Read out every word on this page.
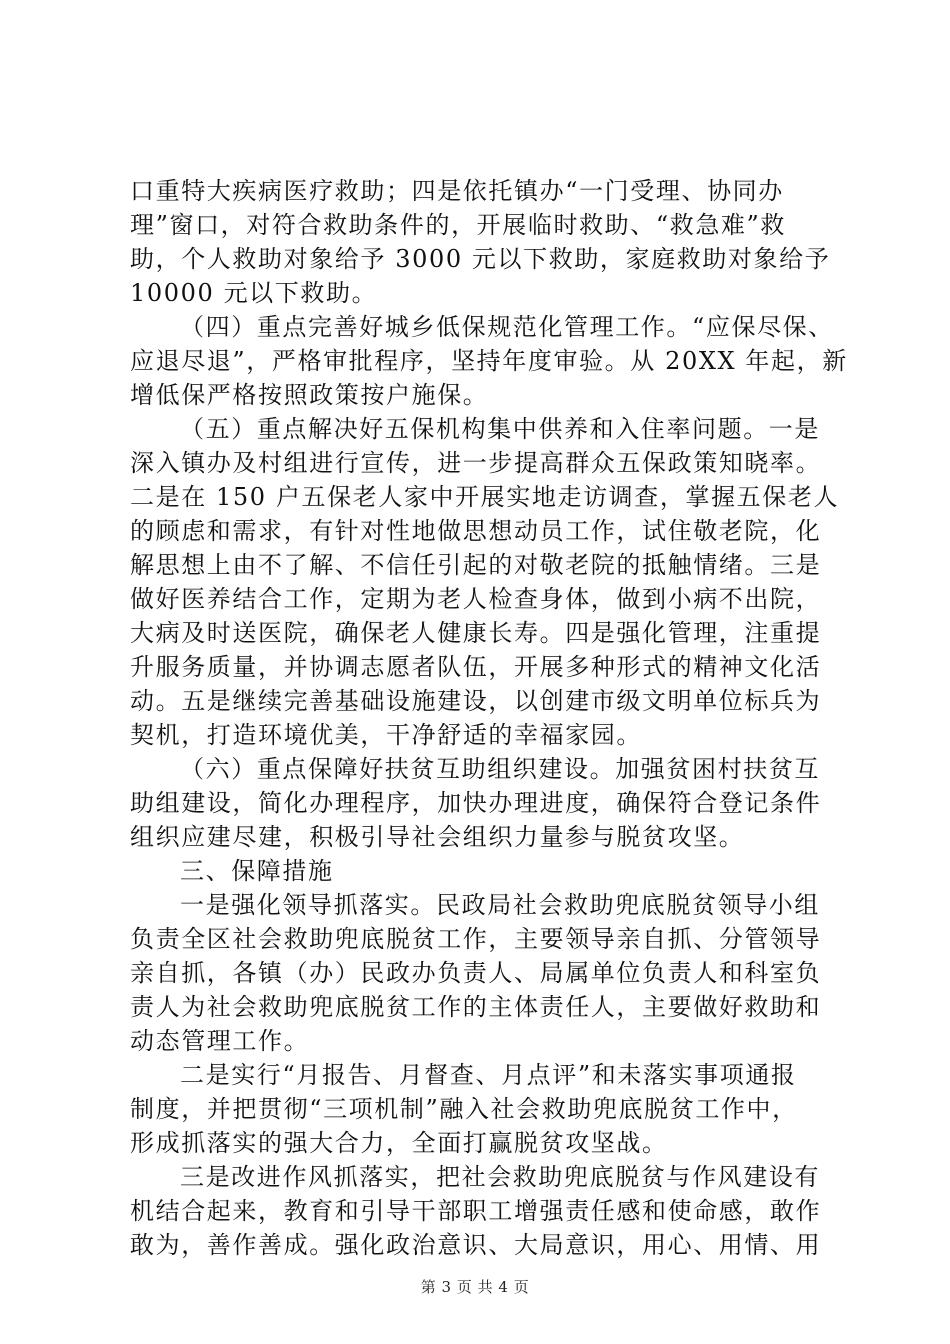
口重特大疾病医疗救助；四是依托镇办“一门受理、协同办
理”窗口，对符合救助条件的，开展临时救助、“救急难”救
助，个人救助对象给予 3000 元以下救助，家庭救助对象给予
10000 元以下救助。
（四）重点完善好城乡低保规范化管理工作。“应保尽保、
应退尽退”，严格审批程序，坚持年度审验。从 20XX 年起，新
增低保严格按照政策按户施保。
（五）重点解决好五保机构集中供养和入住率问题。一是
深入镇办及村组进行宣传，进一步提高群众五保政策知晓率。
二是在 150 户五保老人家中开展实地走访调查，掌握五保老人
的顾虑和需求，有针对性地做思想动员工作，试住敬老院，化
解思想上由不了解、不信任引起的对敬老院的抵触情绪。三是
做好医养结合工作，定期为老人检查身体，做到小病不出院，
大病及时送医院，确保老人健康长寿。四是强化管理，注重提
升服务质量，并协调志愿者队伍，开展多种形式的精神文化活
动。五是继续完善基础设施建设，以创建市级文明单位标兵为
契机，打造环境优美，干净舒适的幸福家园。
（六）重点保障好扶贫互助组织建设。加强贫困村扶贫互
助组建设，简化办理程序，加快办理进度，确保符合登记条件
组织应建尽建，积极引导社会组织力量参与脱贫攻坚。
三、保障措施
一是强化领导抓落实。民政局社会救助兜底脱贫领导小组
负责全区社会救助兜底脱贫工作，主要领导亲自抓、分管领导
亲自抓，各镇（办）民政办负责人、局属单位负责人和科室负
责人为社会救助兜底脱贫工作的主体责任人，主要做好救助和
动态管理工作。
二是实行“月报告、月督查、月点评”和未落实事项通报
制度，并把贯彻“三项机制”融入社会救助兜底脱贫工作中，
形成抓落实的强大合力，全面打赢脱贫攻坚战。
三是改进作风抓落实，把社会救助兜底脱贫与作风建设有
机结合起来，教育和引导干部职工增强责任感和使命感，敢作
敢为，善作善成。强化政治意识、大局意识，用心、用情、用
第 3 页 共 4 页
